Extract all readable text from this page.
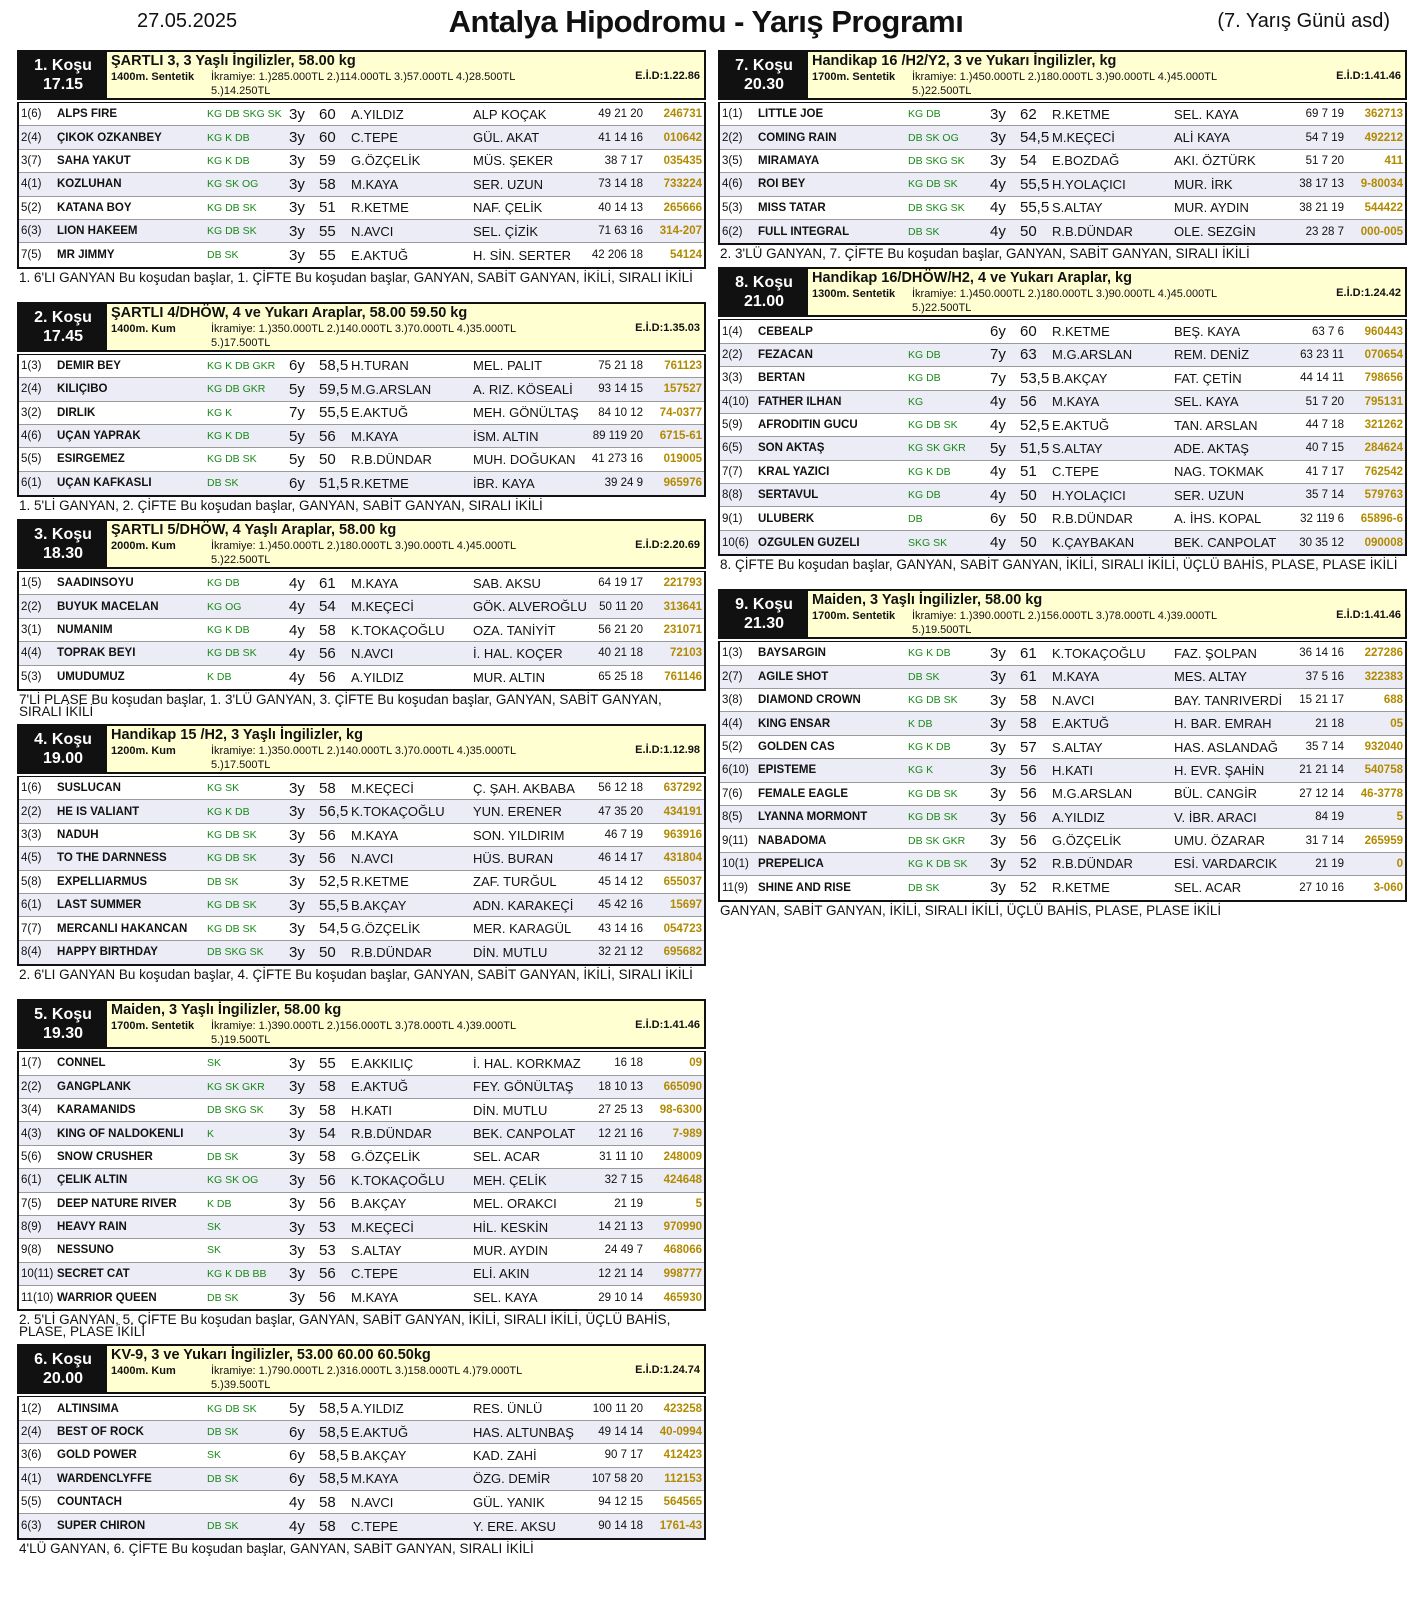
27.05.2025	Antalya Hipodromu - Yarış Programı	(7. Yarış Günü asd)
1. Koşu
17.15
ŞARTLI 3, 3 Yaşlı İngilizler, 58.00 kg
1400m. Sentetik İkramiye: 1.)285.000TL 2.)114.000TL 3.)57.000TL 4.)28.500TL
5.)14.250TL
E.İ.D:1.22.86
1(6)	ALPS FIRE	KG DB SKG SK 3y 60	A.YILDIZ	ALP KOÇAK	49 21 20	246731
2(4)	ÇİKOK ÖZKANBEY	KG K DB	3y 60	C.TEPE	GÜL. AKAT	41 14 16	010642
3(7)	SAHA YAKUT	KG K DB	3y 59	G.ÖZÇELİK	MÜS. ŞEKER	38 7 17	035435
4(1)	KOZLUHAN	KG SK OG	3y 58	M.KAYA	SER. UZUN	73 14 18	733224
5(2)	KATANA BOY	KG DB SK	3y 51	R.KETME	NAF. ÇELİK	40 14 13	265666
6(3)	LION HAKEEM	KG DB SK	3y 55	N.AVCI	SEL. ÇİZİK	71 63 16	314-207
7(5)	MR JIMMY	DB SK	3y 55	E.AKTUĞ	H. SİN. SERTER	42 206 18	54124
1. 6'LI GANYAN Bu koşudan başlar, 1. ÇİFTE Bu koşudan başlar, GANYAN, SABİT GANYAN, İKİLİ, SIRALI İKİLİ
2. Koşu
17.45
ŞARTLI 4/DHÖW, 4 ve Yukarı Araplar, 58.00 59.50 kg
1400m. Kum	İkramiye: 1.)350.000TL 2.)140.000TL 3.)70.000TL 4.)35.000TL
5.)17.500TL
E.İ.D:1.35.03
1(3)	DEMİR BEY	KG K DB GKR 6y 58,5 H.TURAN	MEL. PALIT	75 21 18	761123
2(4)	KILIÇİBO	KG DB GKR	5y 59,5 M.G.ARSLAN	A. RIZ. KÖSEALİ	93 14 15	157527
3(2)	DİRLİK	KG K	7y 55,5 E.AKTUĞ	MEH. GÖNÜLTAŞ	84 10 12	74-0377
4(6)	UÇAN YAPRAK	KG K DB	5y 56	M.KAYA	İSM. ALTIN	89 119 20	6715-61
5(5)	ESİRGEMEZ	KG DB SK	5y 50	R.B.DÜNDAR	MUH. DOĞUKAN	41 273 16	019005
6(1)	UÇAN KAFKASLI	DB SK	6y 51,5 R.KETME	İBR. KAYA	39 24 9	965976
1. 5'Lİ GANYAN, 2. ÇİFTE Bu koşudan başlar, GANYAN, SABİT GANYAN, SIRALI İKİLİ
3. Koşu
18.30
ŞARTLI 5/DHÖW, 4 Yaşlı Araplar, 58.00 kg
2000m. Kum	İkramiye: 1.)450.000TL 2.)180.000TL 3.)90.000TL 4.)45.000TL
5.)22.500TL
E.İ.D:2.20.69
1(5)	SAADINSOYU	KG DB	4y 61	M.KAYA	SAB. AKSU	64 19 17	221793
2(2)	BÜYÜK MACELAN	KG OG	4y 54	M.KEÇECİ	GÖK. ALVEROĞLU	50 11 20	313641
3(1)	NUMANIM	KG K DB	4y 58	K.TOKAÇOĞLU	OZA. TANİYİT	56 21 20	231071
4(4)	TOPRAK BEYİ	KG DB SK	4y 56	N.AVCI	İ. HAL. KOÇER	40 21 18	72103
5(3)	UMUDUMUZ	K DB	4y 56	A.YILDIZ	MUR. ALTIN	65 25 18	761146
7'Lİ PLASE Bu koşudan başlar, 1. 3'LÜ GANYAN, 3. ÇİFTE Bu koşudan başlar, GANYAN, SABİT GANYAN, SIRALI İKİLİ
4. Koşu
19.00
Handikap 15 /H2, 3 Yaşlı İngilizler, kg
1200m. Kum	İkramiye: 1.)350.000TL 2.)140.000TL 3.)70.000TL 4.)35.000TL
5.)17.500TL
E.İ.D:1.12.98
1(6)	SÜSLÜCAN	KG SK	3y 58	M.KEÇECİ	Ç. ŞAH. AKBABA	56 12 18	637292
2(2)	HE IS VALIANT	KG K DB	3y 56,5 K.TOKAÇOĞLU	YUN. ERENER	47 35 20	434191
3(3)	NADUH	KG DB SK	3y 56	M.KAYA	SON. YILDIRIM	46 7 19	963916
4(5)	TO THE DARNNESS	KG DB SK	3y 56	N.AVCI	HÜS. BURAN	46 14 17	431804
5(8)	EXPELLIARMUS	DB SK	3y 52,5 R.KETME	ZAF. TURĞUL	45 14 12	655037
6(1)	LAST SUMMER	KG DB SK	3y 55,5 B.AKÇAY	ADN. KARAKEÇİ	45 42 16	15697
7(7)	MERCANLI HAKANCAN	KG DB SK	3y 54,5 G.ÖZÇELİK	MER. KARAGÜL	43 14 16	054723
8(4)	HAPPY BIRTHDAY	DB SKG SK	3y 50	R.B.DÜNDAR	DİN. MUTLU	32 21 12	695682
2. 6'LI GANYAN Bu koşudan başlar, 4. ÇİFTE Bu koşudan başlar, GANYAN, SABİT GANYAN, İKİLİ, SIRALI İKİLİ
5. Koşu
19.30
Maiden, 3 Yaşlı İngilizler, 58.00 kg
1700m. Sentetik İkramiye: 1.)390.000TL 2.)156.000TL 3.)78.000TL 4.)39.000TL
5.)19.500TL
E.İ.D:1.41.46
1(7)	CONNEL	SK	3y 55	E.AKKILIÇ	İ. HAL. KORKMAZ	16 18	09
2(2)	GANGPLANK	KG SK GKR	3y 58	E.AKTUĞ	FEY. GÖNÜLTAŞ	18 10 13	665090
3(4)	KARAMANIDS	DB SKG SK	3y 58	H.KATI	DİN. MUTLU	27 25 13	98-6300
4(3)	KİNG OF NALDÖKENLİ	K	3y 54	R.B.DÜNDAR	BEK. CANPOLAT	12 21 16	7-989
5(6)	SNOW CRUSHER	DB SK	3y 58	G.ÖZÇELİK	SEL. ACAR	31 11 10	248009
6(1)	ÇELİK ALTIN	KG SK OG	3y 56	K.TOKAÇOĞLU	MEH. ÇELİK	32 7 15	424648
7(5)	DEEP NATURE RIVER	K DB	3y 56	B.AKÇAY	MEL. ORAKCI	21 19	5
8(9)	HEAVY RAIN	SK	3y 53	M.KEÇECİ	HİL. KESKİN	14 21 13	970990
9(8)	NESSUNO	SK	3y 53	S.ALTAY	MUR. AYDIN	24 49 7	468066
10(11) SECRET CAT	KG K DB BB	3y 56	C.TEPE	ELİ. AKIN	12 21 14	998777
11(10) WARRIOR QUEEN	DB SK	3y 56	M.KAYA	SEL. KAYA	29 10 14	465930
2. 5'Lİ GANYAN, 5. ÇİFTE Bu koşudan başlar, GANYAN, SABİT GANYAN, İKİLİ, SIRALI İKİLİ, ÜÇLÜ BAHİS, PLASE, PLASE İKİLİ
6. Koşu
20.00
KV-9, 3 ve Yukarı İngilizler, 53.00 60.00 60.50kg
1400m. Kum	İkramiye: 1.)790.000TL 2.)316.000TL 3.)158.000TL 4.)79.000TL
5.)39.500TL
E.İ.D:1.24.74
1(2)	ALTINSİMA	KG DB SK	5y 58,5 A.YILDIZ	RES. ÜNLÜ	100 11 20	423258
2(4)	BEST OF ROCK	DB SK	6y 58,5 E.AKTUĞ	HAS. ALTUNBAŞ	49 14 14	40-0994
3(6)	GOLD POWER	SK	6y 58,5 B.AKÇAY	KAD. ZAHİ	90 7 17	412423
4(1)	WARDENCLYFFE	DB SK	6y 58,5 M.KAYA	ÖZG. DEMİR	107 58 20	112153
5(5)	COUNTACH	4y 58	N.AVCI	GÜL. YANIK	94 12 15	564565
6(3)	SUPER CHIRON	DB SK	4y 58	C.TEPE	Y. ERE. AKSU	90 14 18	1761-43
4'LÜ GANYAN, 6. ÇİFTE Bu koşudan başlar, GANYAN, SABİT GANYAN, SIRALI İKİLİ
7. Koşu
20.30
Handikap 16 /H2/Y2, 3 ve Yukarı İngilizler, kg
1700m. Sentetik İkramiye: 1.)450.000TL 2.)180.000TL 3.)90.000TL 4.)45.000TL
5.)22.500TL
E.İ.D:1.41.46
1(1)	LITTLE JOE	KG DB	3y 62	R.KETME	SEL. KAYA	69 7 19	362713
2(2)	COMING RAIN	DB SK OG	3y 54,5 M.KEÇECİ	ALİ KAYA	54 7 19	492212
3(5)	MİRAMAYA	DB SKG SK	3y 54	E.BOZDAĞ	AKI. ÖZTÜRK	51 7 20	411
4(6)	ROİ BEY	KG DB SK	4y 55,5 H.YOLAÇICI	MUR. İRK	38 17 13	9-80034
5(3)	MISS TATAR	DB SKG SK	4y 55,5 S.ALTAY	MUR. AYDIN	38 21 19	544422
6(2)	FULL INTEGRAL	DB SK	4y 50	R.B.DÜNDAR	OLE. SEZGİN	23 28 7	000-005
2. 3'LÜ GANYAN, 7. ÇİFTE Bu koşudan başlar, GANYAN, SABİT GANYAN, SIRALI İKİLİ
8. Koşu
21.00
Handikap 16/DHÖW/H2, 4 ve Yukarı Araplar, kg
1300m. Sentetik İkramiye: 1.)450.000TL 2.)180.000TL 3.)90.000TL 4.)45.000TL
5.)22.500TL
E.İ.D:1.24.42
1(4)	CEBEALP	6y 60	R.KETME	BEŞ. KAYA	63 7 6	960443
2(2)	FEZACAN	KG DB	7y 63	M.G.ARSLAN	REM. DENİZ	63 23 11	070654
3(3)	BERTAN	KG DB	7y 53,5 B.AKÇAY	FAT. ÇETİN	44 14 11	798656
4(10) FATHER İLHAN	KG	4y 56	M.KAYA	SEL. KAYA	51 7 20	795131
5(9)	AFRODİTİN GÜCÜ	KG DB SK	4y 52,5 E.AKTUĞ	TAN. ARSLAN	44 7 18	321262
6(5)	SON AKTAŞ	KG SK GKR	5y 51,5 S.ALTAY	ADE. AKTAŞ	40 7 15	284624
7(7)	KRAL YAZICI	KG K DB	4y 51	C.TEPE	NAG. TOKMAK	41 7 17	762542
8(8)	SERTAVUL	KG DB	4y 50	H.YOLAÇICI	SER. UZUN	35 7 14	579763
9(1)	ULUBERK	DB	6y 50	R.B.DÜNDAR	A. İHS. KOPAL	32 119 6	65896-6
10(6) ÖZGÜLEN GÜZELİ	SKG SK	4y 50	K.ÇAYBAKAN	BEK. CANPOLAT	30 35 12	090008
8. ÇİFTE Bu koşudan başlar, GANYAN, SABİT GANYAN, İKİLİ, SIRALI İKİLİ, ÜÇLÜ BAHİS, PLASE, PLASE İKİLİ
9. Koşu
21.30
Maiden, 3 Yaşlı İngilizler, 58.00 kg
1700m. Sentetik İkramiye: 1.)390.000TL 2.)156.000TL 3.)78.000TL 4.)39.000TL
5.)19.500TL
E.İ.D:1.41.46
1(3)	BAYSARGIN	KG K DB	3y 61	K.TOKAÇOĞLU	FAZ. ŞOLPAN	36 14 16	227286
2(7)	AGİLE SHOT	DB SK	3y 61	M.KAYA	MES. ALTAY	37 5 16	322383
3(8)	DIAMOND CROWN	KG DB SK	3y 58	N.AVCI	BAY. TANRIVERDİ	15 21 17	688
4(4)	KING ENSAR	K DB	3y 58	E.AKTUĞ	H. BAR. EMRAH	21 18	05
5(2)	GOLDEN CAS	KG K DB	3y 57	S.ALTAY	HAS. ASLANDAĞ	35 7 14	932040
6(10) EPISTEME	KG K	3y 56	H.KATI	H. EVR. ŞAHİN	21 21 14	540758
7(6)	FEMALE EAGLE	KG DB SK	3y 56	M.G.ARSLAN	BÜL. CANGİR	27 12 14	46-3778
8(5)	LYANNA MORMONT	KG DB SK	3y 56	A.YILDIZ	V. İBR. ARACI	84 19	5
9(11) NABADOMA	DB SK GKR	3y 56	G.ÖZÇELİK	UMU. ÖZARAR	31 7 14	265959
10(1) PREPELICA	KG K DB SK	3y 52	R.B.DÜNDAR	ESİ. VARDARCIK	21 19	0
11(9) SHINE AND RISE	DB SK	3y 52	R.KETME	SEL. ACAR	27 10 16	3-060
GANYAN, SABİT GANYAN, İKİLİ, SIRALI İKİLİ, ÜÇLÜ BAHİS, PLASE, PLASE İKİLİ
